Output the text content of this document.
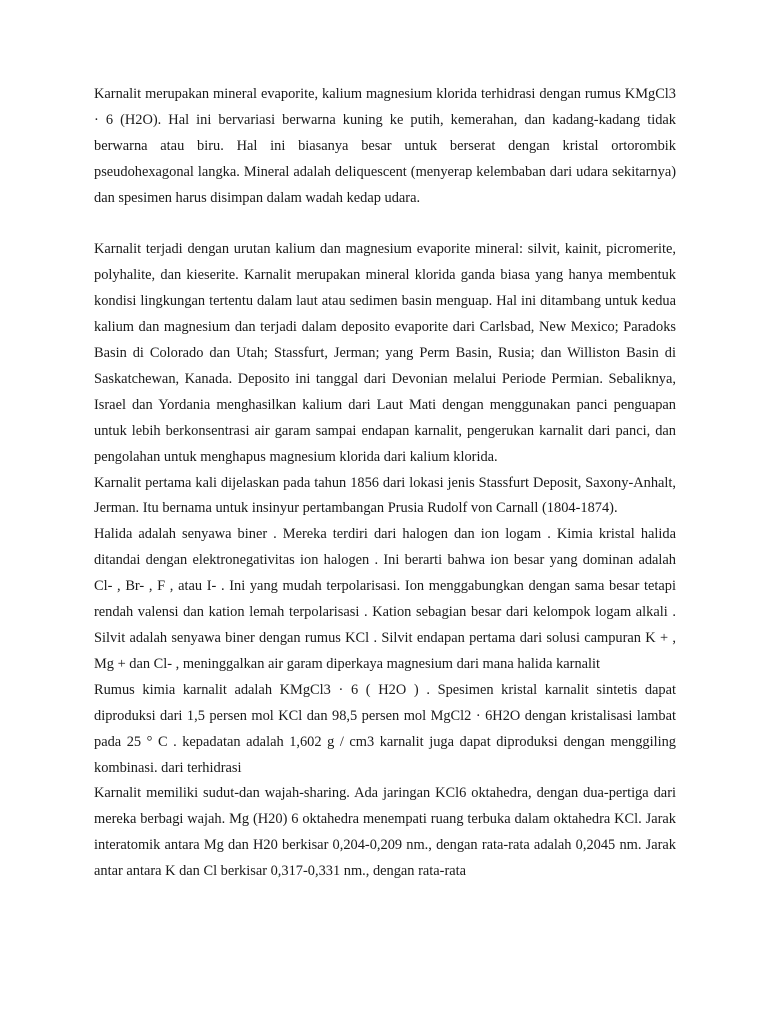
Karnalit merupakan mineral evaporite, kalium magnesium klorida terhidrasi dengan rumus KMgCl3 · 6 (H2O). Hal ini bervariasi berwarna kuning ke putih, kemerahan, dan kadang-kadang tidak berwarna atau biru. Hal ini biasanya besar untuk berserat dengan kristal ortorombik pseudohexagonal langka. Mineral adalah deliquescent (menyerap kelembaban dari udara sekitarnya) dan spesimen harus disimpan dalam wadah kedap udara.

Karnalit terjadi dengan urutan kalium dan magnesium evaporite mineral: silvit, kainit, picromerite, polyhalite, dan kieserite. Karnalit merupakan mineral klorida ganda biasa yang hanya membentuk kondisi lingkungan tertentu dalam laut atau sedimen basin menguap. Hal ini ditambang untuk kedua kalium dan magnesium dan terjadi dalam deposito evaporite dari Carlsbad, New Mexico; Paradoks Basin di Colorado dan Utah; Stassfurt, Jerman; yang Perm Basin, Rusia; dan Williston Basin di Saskatchewan, Kanada. Deposito ini tanggal dari Devonian melalui Periode Permian. Sebaliknya, Israel dan Yordania menghasilkan kalium dari Laut Mati dengan menggunakan panci penguapan untuk lebih berkonsentrasi air garam sampai endapan karnalit, pengerukan karnalit dari panci, dan pengolahan untuk menghapus magnesium klorida dari kalium klorida.

Karnalit pertama kali dijelaskan pada tahun 1856 dari lokasi jenis Stassfurt Deposit, Saxony-Anhalt, Jerman. Itu bernama untuk insinyur pertambangan Prusia Rudolf von Carnall (1804-1874).

Halida adalah senyawa biner . Mereka terdiri dari halogen dan ion logam . Kimia kristal halida ditandai dengan elektronegativitas ion halogen . Ini berarti bahwa ion besar yang dominan adalah Cl- , Br- , F , atau I- . Ini yang mudah terpolarisasi. Ion menggabungkan dengan sama besar tetapi rendah valensi dan kation lemah terpolarisasi . Kation sebagian besar dari kelompok logam alkali . Silvit adalah senyawa biner dengan rumus KCl . Silvit endapan pertama dari solusi campuran K + , Mg + dan Cl- , meninggalkan air garam diperkaya magnesium dari mana halida karnalit

Rumus kimia karnalit adalah KMgCl3 · 6 ( H2O ) . Spesimen kristal karnalit sintetis dapat diproduksi dari 1,5 persen mol KCl dan 98,5 persen mol MgCl2 · 6H2O dengan kristalisasi lambat pada 25 ° C . kepadatan adalah 1,602 g / cm3 karnalit juga dapat diproduksi dengan menggiling kombinasi. dari terhidrasi

Karnalit memiliki sudut-dan wajah-sharing. Ada jaringan KCl6 oktahedra, dengan dua-pertiga dari mereka berbagi wajah. Mg (H20) 6 oktahedra menempati ruang terbuka dalam oktahedra KCl. Jarak interatomik antara Mg dan H20 berkisar 0,204-0,209 nm., dengan rata-rata adalah 0,2045 nm. Jarak antar antara K dan Cl berkisar 0,317-0,331 nm., dengan rata-rata
